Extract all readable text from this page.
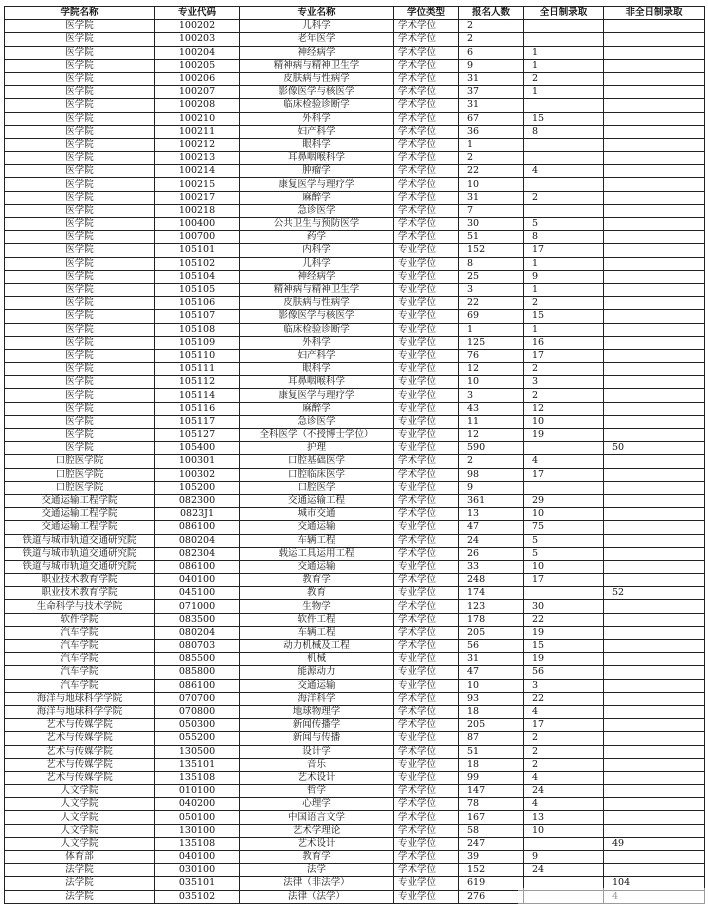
学院名称	专业代码	专业名称	学位类型	报名人数	全日制录取	非全日制录取
医学院	100202	儿科学	学术学位	2		
医学院	100203	老年医学	学术学位	2		
医学院	100204	神经病学	学术学位	6	1	
医学院	100205	精神病与精神卫生学	学术学位	9	1	
医学院	100206	皮肤病与性病学	学术学位	31	2	
医学院	100207	影像医学与核医学	学术学位	37	1	
医学院	100208	临床检验诊断学	学术学位	31		
医学院	100210	外科学	学术学位	67	15	
医学院	100211	妇产科学	学术学位	36	8	
医学院	100212	眼科学	学术学位	1		
医学院	100213	耳鼻咽喉科学	学术学位	2		
医学院	100214	肿瘤学	学术学位	22	4	
医学院	100215	康复医学与理疗学	学术学位	10		
医学院	100217	麻醉学	学术学位	31	2	
医学院	100218	急诊医学	学术学位	7		
医学院	100400	公共卫生与预防医学	学术学位	30	5	
医学院	100700	药学	学术学位	51	8	
医学院	105101	内科学	专业学位	152	17	
医学院	105102	儿科学	专业学位	8	1	
医学院	105104	神经病学	专业学位	25	9	
医学院	105105	精神病与精神卫生学	专业学位	3	1	
医学院	105106	皮肤病与性病学	专业学位	22	2	
医学院	105107	影像医学与核医学	专业学位	69	15	
医学院	105108	临床检验诊断学	专业学位	1	1	
医学院	105109	外科学	专业学位	125	16	
医学院	105110	妇产科学	专业学位	76	17	
医学院	105111	眼科学	专业学位	12	2	
医学院	105112	耳鼻咽喉科学	专业学位	10	3	
医学院	105114	康复医学与理疗学	专业学位	3	2	
医学院	105116	麻醉学	专业学位	43	12	
医学院	105117	急诊医学	专业学位	11	10	
医学院	105127	全科医学（不授博士学位）	专业学位	12	19	
医学院	105400	护理	专业学位	590		50
口腔医学院	100301	口腔基础医学	学术学位	2	4	
口腔医学院	100302	口腔临床医学	学术学位	98	17	
口腔医学院	105200	口腔医学	专业学位	9		
交通运输工程学院	082300	交通运输工程	学术学位	361	29	
交通运输工程学院	0823J1	城市交通	学术学位	13	10	
交通运输工程学院	086100	交通运输	专业学位	47	75	
铁道与城市轨道交通研究院	080204	车辆工程	学术学位	24	5	
铁道与城市轨道交通研究院	082304	载运工具运用工程	学术学位	26	5	
铁道与城市轨道交通研究院	086100	交通运输	专业学位	33	10	
职业技术教育学院	040100	教育学	学术学位	248	17	
职业技术教育学院	045100	教育	专业学位	174		52
生命科学与技术学院	071000	生物学	学术学位	123	30	
软件学院	083500	软件工程	学术学位	178	22	
汽车学院	080204	车辆工程	学术学位	205	19	
汽车学院	080703	动力机械及工程	学术学位	56	15	
汽车学院	085500	机械	专业学位	31	19	
汽车学院	085800	能源动力	专业学位	47	56	
汽车学院	086100	交通运输	专业学位	10	3	
海洋与地球科学学院	070700	海洋科学	学术学位	93	22	
海洋与地球科学学院	070800	地球物理学	学术学位	18	4	
艺术与传媒学院	050300	新闻传播学	学术学位	205	17	
艺术与传媒学院	055200	新闻与传播	专业学位	87	2	
艺术与传媒学院	130500	设计学	学术学位	51	2	
艺术与传媒学院	135101	音乐	专业学位	18	2	
艺术与传媒学院	135108	艺术设计	专业学位	99	4	
人文学院	010100	哲学	学术学位	147	24	
人文学院	040200	心理学	学术学位	78	4	
人文学院	050100	中国语言文学	学术学位	167	13	
人文学院	130100	艺术学理论	学术学位	58	10	
人文学院	135108	艺术设计	专业学位	247		49
体育部	040100	教育学	学术学位	39	9	
法学院	030100	法学	学术学位	152	24	
法学院	035101	法律（非法学）	专业学位	619		104
法学院	035102	法律（法学）	专业学位	276		
